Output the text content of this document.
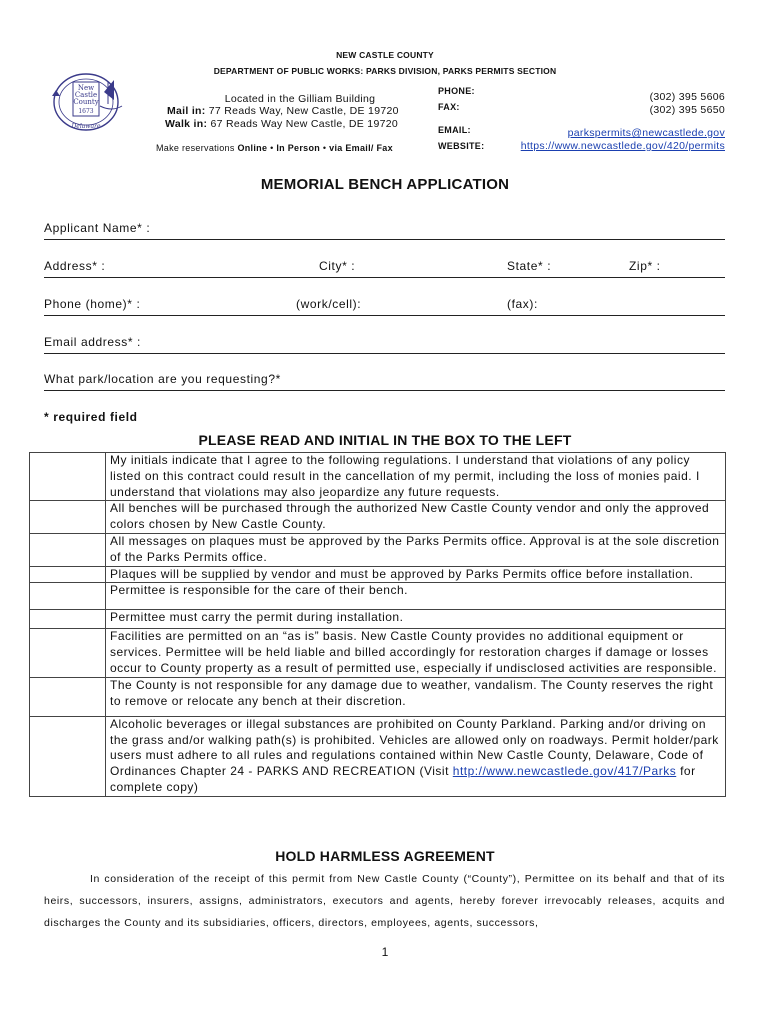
New
Castle
County
1673
Delaware
NEW CASTLE COUNTY
DEPARTMENT OF PUBLIC WORKS: PARKS DIVISION, PARKS PERMITS SECTION
Located in the Gilliam Building
Mail in: 77 Reads Way, New Castle, DE 19720
Walk in: 67 Reads Way New Castle, DE 19720
Make reservations Online • In Person • via Email/ Fax
PHONE:	(302) 395 5606
FAX:	(302) 395 5650
EMAIL:	parkspermits@newcastlede.gov
WEBSITE:	https://www.newcastlede.gov/420/permits
MEMORIAL BENCH APPLICATION
Applicant Name* :
Address* :	City* :	State* :	Zip* :
Phone (home)* :	(work/cell):	(fax):
Email address* :
What park/location are you requesting?*
* required field
PLEASE READ AND INITIAL IN THE BOX TO THE LEFT
	My initials indicate that I agree to the following regulations. I understand that violations of any policy listed on this contract could result in the cancellation of my permit, including the loss of monies paid. I understand that violations may also jeopardize any future requests.
	All benches will be purchased through the authorized New Castle County vendor and only the approved colors chosen by New Castle County.
	All messages on plaques must be approved by the Parks Permits office. Approval is at the sole discretion of the Parks Permits office.
	Plaques will be supplied by vendor and must be approved by Parks Permits office before installation.
	Permittee is responsible for the care of their bench.
	Permittee must carry the permit during installation.
	Facilities are permitted on an “as is” basis. New Castle County provides no additional equipment or services. Permittee will be held liable and billed accordingly for restoration charges if damage or losses occur to County property as a result of permitted use, especially if undisclosed activities are responsible.
	The County is not responsible for any damage due to weather, vandalism. The County reserves the right to remove or relocate any bench at their discretion.
	Alcoholic beverages or illegal substances are prohibited on County Parkland. Parking and/or driving on the grass and/or walking path(s) is prohibited. Vehicles are allowed only on roadways. Permit holder/park users must adhere to all rules and regulations contained within New Castle County, Delaware, Code of Ordinances Chapter 24 - PARKS AND RECREATION (Visit http://www.newcastlede.gov/417/Parks for complete copy)
HOLD HARMLESS AGREEMENT
In consideration of the receipt of this permit from New Castle County (“County”), Permittee on its behalf and that of its heirs, successors, insurers, assigns, administrators, executors and agents, hereby forever irrevocably releases, acquits and discharges the County and its subsidiaries, officers, directors, employees, agents, successors,
1
